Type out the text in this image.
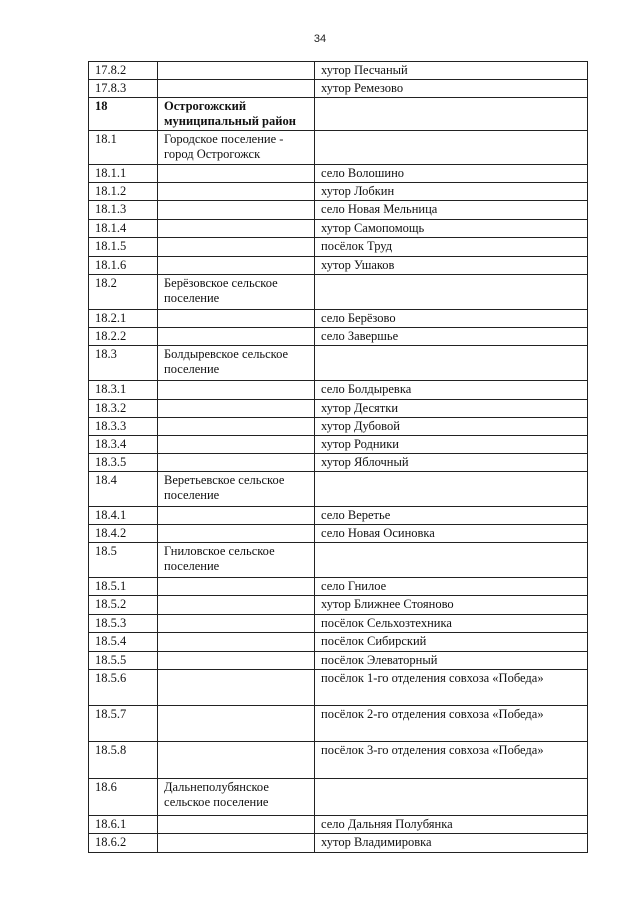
34
17.8.2		хутор Песчаный
17.8.3		хутор Ремезово
18	Острогожский муниципальный район	
18.1	Городское поселение - город Острогожск	
18.1.1		село Волошино
18.1.2		хутор Лобкин
18.1.3		село Новая Мельница
18.1.4		хутор Самопомощь
18.1.5		посёлок Труд
18.1.6		хутор Ушаков
18.2	Берёзовское сельское поселение	
18.2.1		село Берёзово
18.2.2		село Завершье
18.3	Болдыревское сельское поселение	
18.3.1		село Болдыревка
18.3.2		хутор Десятки
18.3.3		хутор Дубовой
18.3.4		хутор Родники
18.3.5		хутор Яблочный
18.4	Веретьевское сельское поселение	
18.4.1		село Веретье
18.4.2		село Новая Осиновка
18.5	Гниловское сельское поселение	
18.5.1		село Гнилое
18.5.2		хутор Ближнее Стояново
18.5.3		посёлок Сельхозтехника
18.5.4		посёлок Сибирский
18.5.5		посёлок Элеваторный
18.5.6		посёлок 1-го отделения совхоза «Победа»
18.5.7		посёлок 2-го отделения совхоза «Победа»
18.5.8		посёлок 3-го отделения совхоза «Победа»
18.6	Дальнеполубянское сельское поселение	
18.6.1		село Дальняя Полубянка
18.6.2		хутор Владимировка
